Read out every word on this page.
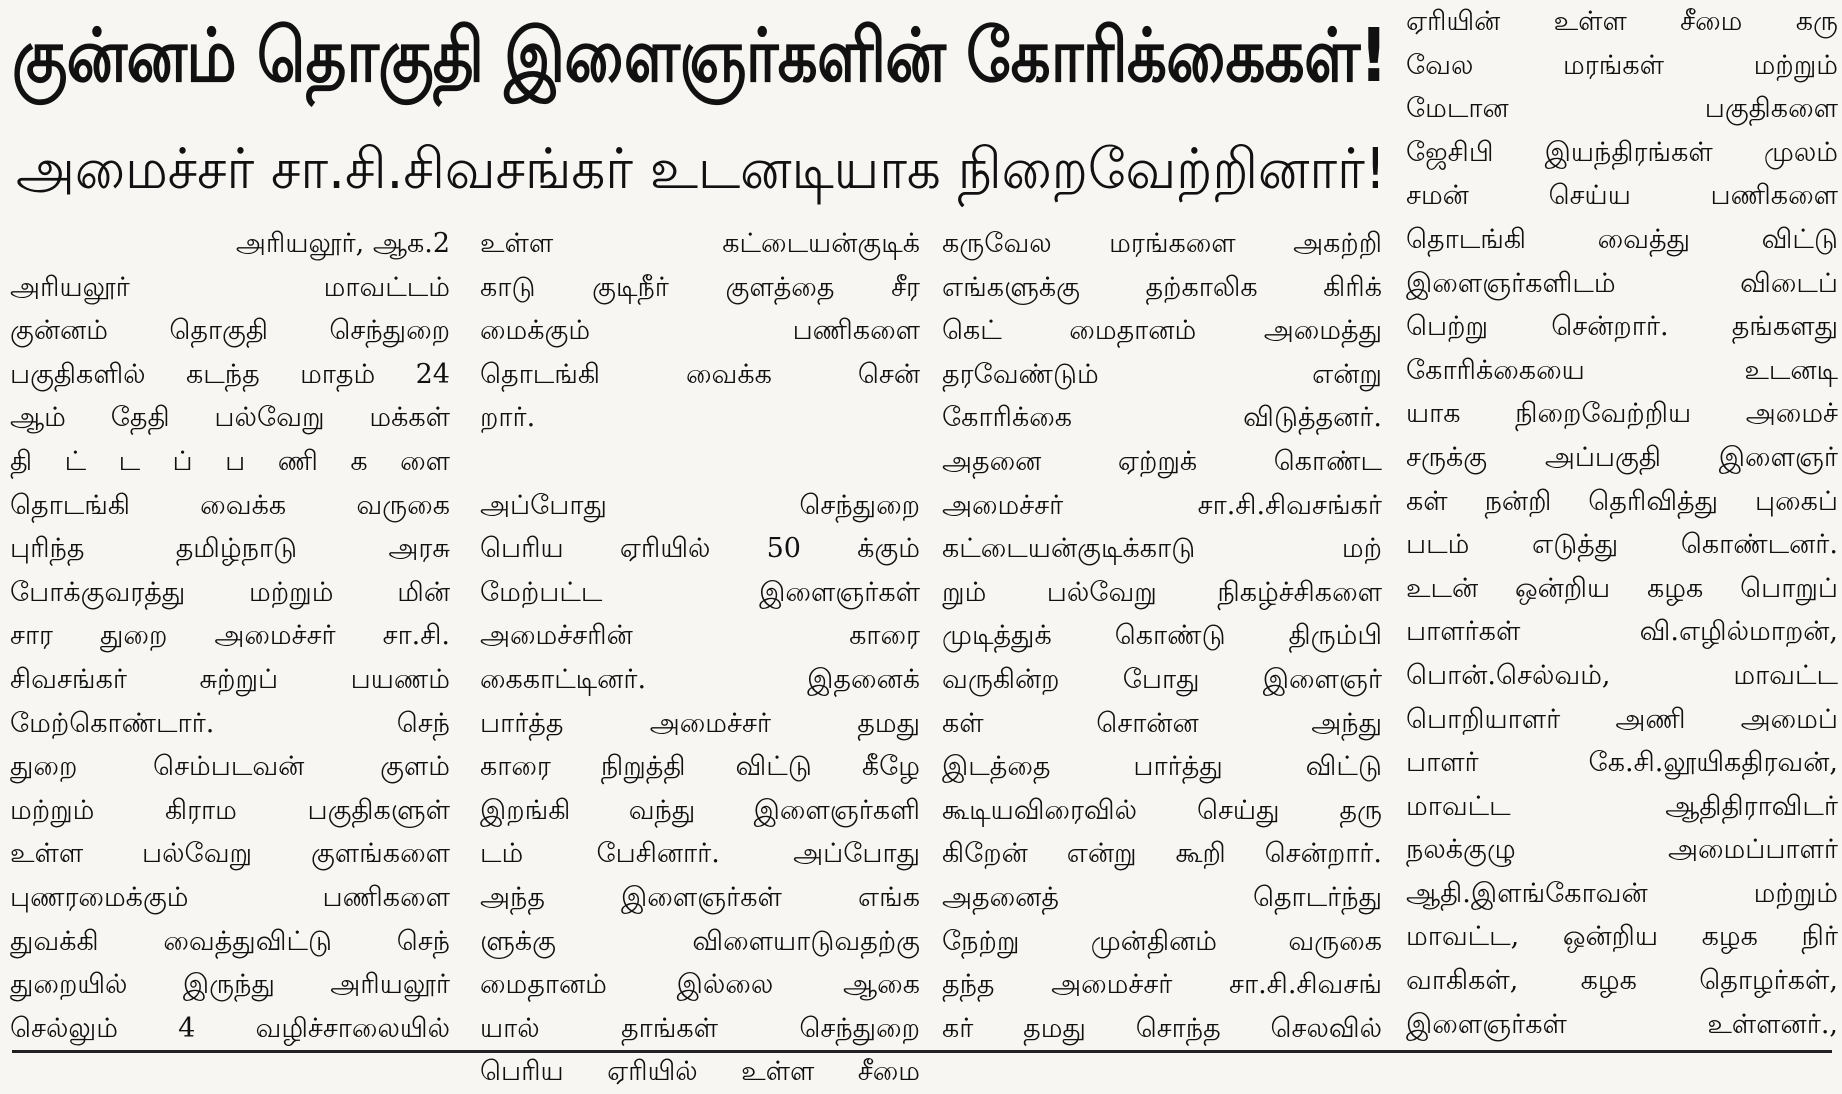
குன்னம் தொகுதி இளைஞர்களின் கோரிக்கைகள்!
அமைச்சர் சா.சி.சிவசங்கர் உடனடியாக நிறைவேற்றினார்!
அரியலூர், ஆக.2
அரியலூர் மாவட்டம்
குன்னம் தொகுதி செந்துறை
பகுதிகளில் கடந்த மாதம் 24
ஆம் தேதி பல்வேறு மக்கள்
தி ட் ட ப் ப ணி க ளை
தொடங்கி வைக்க வருகை
புரிந்த தமிழ்நாடு அரசு
போக்குவரத்து மற்றும் மின்
சார துறை அமைச்சர் சா.சி.
சிவசங்கர் சுற்றுப் பயணம்
மேற்கொண்டார். செந்
துறை செம்படவன் குளம்
மற்றும் கிராம பகுதிகளுள்
உள்ள பல்வேறு குளங்களை
புணரமைக்கும் பணிகளை
துவக்கி வைத்துவிட்டு செந்
துறையில் இருந்து அரியலூர்
செல்லும் 4 வழிச்சாலையில்
உள்ள கட்டையன்குடிக்
காடு குடிநீர் குளத்தை சீர
மைக்கும் பணிகளை
தொடங்கி வைக்க சென்
றார்.
அப்போது செந்துறை
பெரிய ஏரியில் 50 க்கும்
மேற்பட்ட இளைஞர்கள்
அமைச்சரின் காரை
கைகாட்டினர். இதனைக்
பார்த்த அமைச்சர் தமது
காரை நிறுத்தி விட்டு கீழே
இறங்கி வந்து இளைஞர்களி
டம் பேசினார். அப்போது
அந்த இளைஞர்கள் எங்க
ளுக்கு விளையாடுவதற்கு
மைதானம் இல்லை ஆகை
யால் தாங்கள் செந்துறை
பெரிய ஏரியில் உள்ள சீமை
கருவேல மரங்களை அகற்றி
எங்களுக்கு தற்காலிக கிரிக்
கெட் மைதானம் அமைத்து
தரவேண்டும் என்று
கோரிக்கை விடுத்தனர்.
அதனை ஏற்றுக் கொண்ட
அமைச்சர் சா.சி.சிவசங்கர்
கட்டையன்குடிக்காடு மற்
றும் பல்வேறு நிகழ்ச்சிகளை
முடித்துக் கொண்டு திரும்பி
வருகின்ற போது இளைஞர்
கள் சொன்ன அந்து
இடத்தை பார்த்து விட்டு
கூடியவிரைவில் செய்து தரு
கிறேன் என்று கூறி சென்றார்.
அதனைத் தொடர்ந்து
நேற்று முன்தினம் வருகை
தந்த அமைச்சர் சா.சி.சிவசங்
கர் தமது சொந்த செலவில்
ஏரியின் உள்ள சீமை கரு
வேல மரங்கள் மற்றும்
மேடான பகுதிகளை
ஜேசிபி இயந்திரங்கள் முலம்
சமன் செய்ய பணிகளை
தொடங்கி வைத்து விட்டு
இளைஞர்களிடம் விடைப்
பெற்று சென்றார். தங்களது
கோரிக்கையை உடனடி
யாக நிறைவேற்றிய அமைச்
சருக்கு அப்பகுதி இளைஞர்
கள் நன்றி தெரிவித்து புகைப்
படம் எடுத்து கொண்டனர்.
உடன் ஒன்றிய கழக பொறுப்
பாளர்கள் வி.எழில்மாறன்,
பொன்.செல்வம், மாவட்ட
பொறியாளர் அணி அமைப்
பாளர் கே.சி.லூயிகதிரவன்,
மாவட்ட ஆதிதிராவிடர்
நலக்குழு அமைப்பாளர்
ஆதி.இளங்கோவன் மற்றும்
மாவட்ட, ஒன்றிய கழக நிர்
வாகிகள், கழக தொழர்கள்,
இளைஞர்கள் உள்ளனர்.,
